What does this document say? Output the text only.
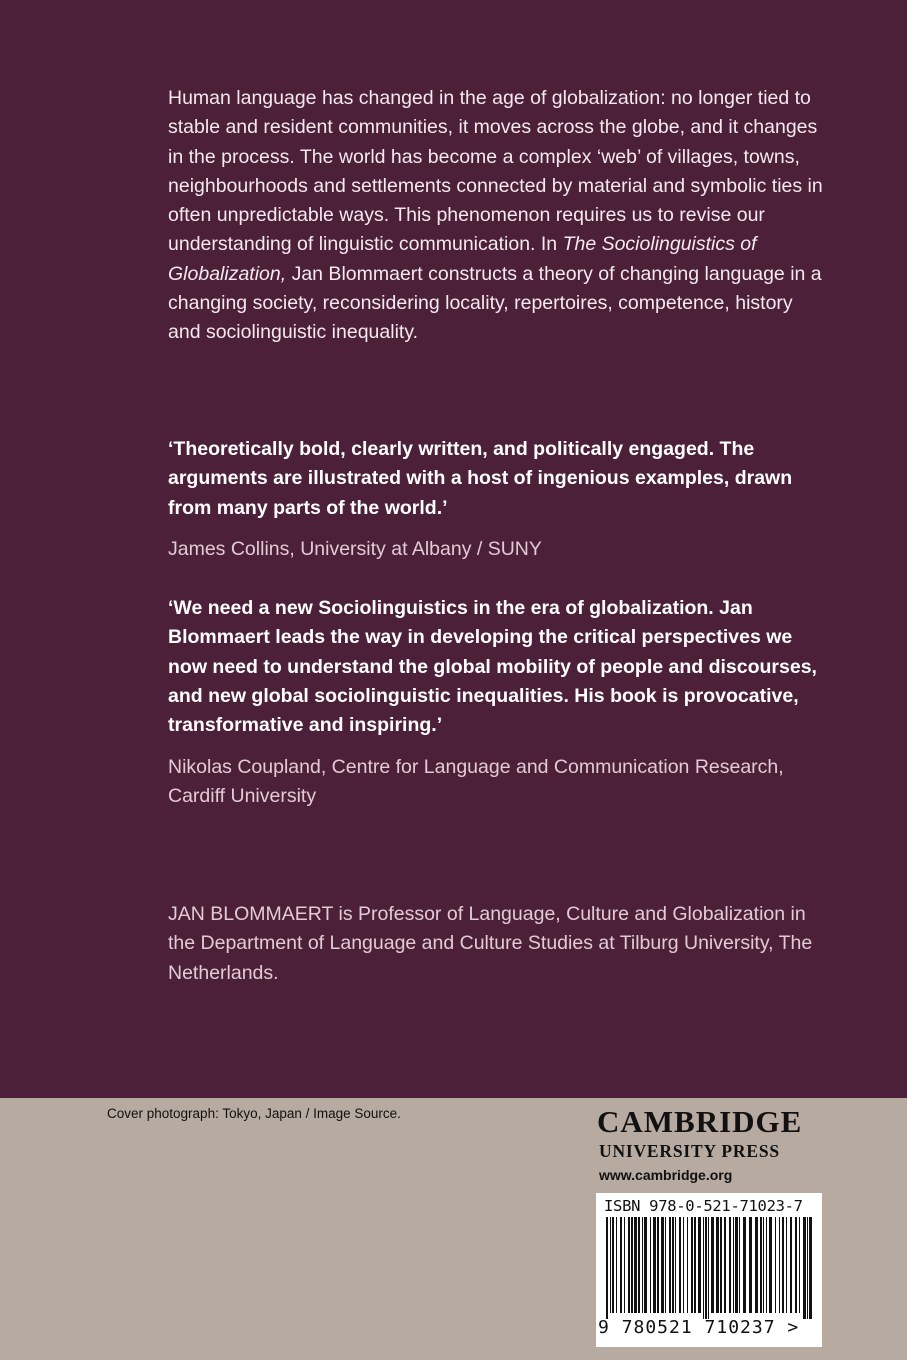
Human language has changed in the age of globalization: no longer tied to stable and resident communities, it moves across the globe, and it changes in the process. The world has become a complex ‘web’ of villages, towns, neighbourhoods and settlements connected by material and symbolic ties in often unpredictable ways. This phenomenon requires us to revise our understanding of linguistic communication. In The Sociolinguistics of Globalization, Jan Blommaert constructs a theory of changing language in a changing society, reconsidering locality, repertoires, competence, history and sociolinguistic inequality.

‘Theoretically bold, clearly written, and politically engaged. The arguments are illustrated with a host of ingenious examples, drawn from many parts of the world.’

James Collins, University at Albany / SUNY

‘We need a new Sociolinguistics in the era of globalization. Jan Blommaert leads the way in developing the critical perspectives we now need to understand the global mobility of people and discourses, and new global sociolinguistic inequalities. His book is provocative, transformative and inspiring.’

Nikolas Coupland, Centre for Language and Communication Research, Cardiff University

JAN BLOMMAERT is Professor of Language, Culture and Globalization in the Department of Language and Culture Studies at Tilburg University, The Netherlands.

Cover photograph: Tokyo, Japan / Image Source.	CAMBRIDGE

UNIVERSITY PRESS

www.cambridge.org

ISBN 978-0-521-71023-7

9 780521 710237 >
